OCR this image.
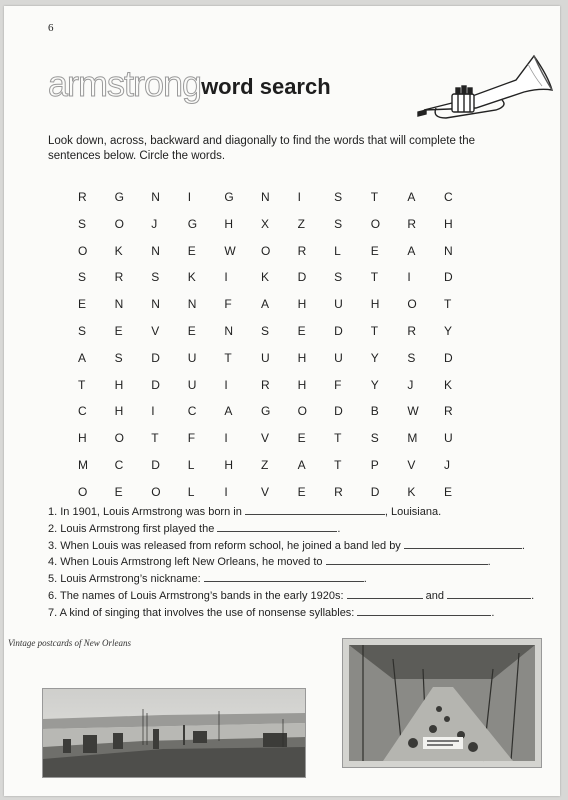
6
armstrongword search

Look down, across, backward and diagonally to find the words that will complete the sentences below. Circle the words.

R	G	N	I	G	N	I	S	T	A	C
S	O	J	G	H	X	Z	S	O	R	H
O	K	N	E	W	O	R	L	E	A	N
S	R	S	K	I	K	D	S	T	I	D
E	N	N	N	F	A	H	U	H	O	T
S	E	V	E	N	S	E	D	T	R	Y
A	S	D	U	T	U	H	U	Y	S	D
T	H	D	U	I	R	H	F	Y	J	K
C	H	I	C	A	G	O	D	B	W	R
H	O	T	F	I	V	E	T	S	M	U
M	C	D	L	H	Z	A	T	P	V	J
O	E	O	L	I	V	E	R	D	K	E
1. In 1901, Louis Armstrong was born in	, Louisiana.
2. Louis Armstrong first played the	.
3. When Louis was released from reform school, he joined a band led by	.
4. When Louis Armstrong left New Orleans, he moved to	.
5. Louis Armstrong’s nickname:	.
6. The names of Louis Armstrong’s bands in the early 1920s:	and	.
7. A kind of singing that involves the use of nonsense syllables:	.
Vintage postcards of New Orleans
